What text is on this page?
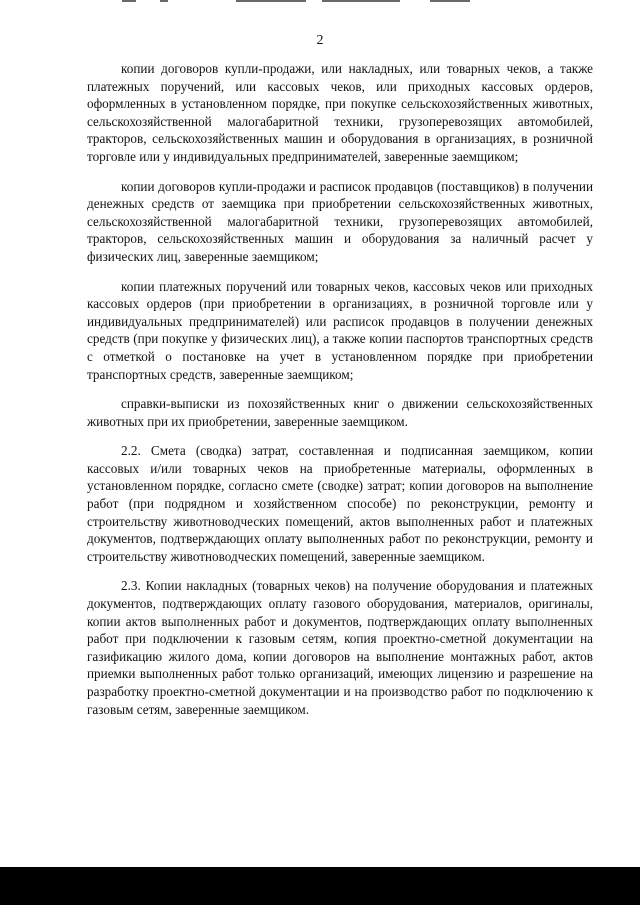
2

копии договоров купли-продажи, или накладных, или товарных чеков, а также платежных поручений, или кассовых чеков, или приходных кассовых ордеров, оформленных в установленном порядке, при покупке сельскохозяйственных животных, сельскохозяйственной малогабаритной техники, грузоперевозящих автомобилей, тракторов, сельскохозяйственных машин и оборудования в организациях, в розничной торговле или у индивидуальных предпринимателей, заверенные заемщиком;

копии договоров купли-продажи и расписок продавцов (поставщиков) в получении денежных средств от заемщика при приобретении сельскохозяйственных животных, сельскохозяйственной малогабаритной техники, грузоперевозящих автомобилей, тракторов, сельскохозяйственных машин и оборудования за наличный расчет у физических лиц, заверенные заемщиком;

копии платежных поручений или товарных чеков, кассовых чеков или приходных кассовых ордеров (при приобретении в организациях, в розничной торговле или у индивидуальных предпринимателей) или расписок продавцов в получении денежных средств (при покупке у физических лиц), а также копии паспортов транспортных средств с отметкой о постановке на учет в установленном порядке при приобретении транспортных средств, заверенные заемщиком;

справки-выписки из похозяйственных книг о движении сельскохозяйственных животных при их приобретении, заверенные заемщиком.

2.2. Смета (сводка) затрат, составленная и подписанная заемщиком, копии кассовых и/или товарных чеков на приобретенные материалы, оформленных в установленном порядке, согласно смете (сводке) затрат; копии договоров на выполнение работ (при подрядном и хозяйственном способе) по реконструкции, ремонту и строительству животноводческих помещений, актов выполненных работ и платежных документов, подтверждающих оплату выполненных работ по реконструкции, ремонту и строительству животноводческих помещений, заверенные заемщиком.

2.3. Копии накладных (товарных чеков) на получение оборудования и платежных документов, подтверждающих оплату газового оборудования, материалов, оригиналы, копии актов выполненных работ и документов, подтверждающих оплату выполненных работ при подключении к газовым сетям, копия проектно-сметной документации на газификацию жилого дома, копии договоров на выполнение монтажных работ, актов приемки выполненных работ только организаций, имеющих лицензию и разрешение на разработку проектно-сметной документации и на производство работ по подключению к газовым сетям, заверенные заемщиком.
